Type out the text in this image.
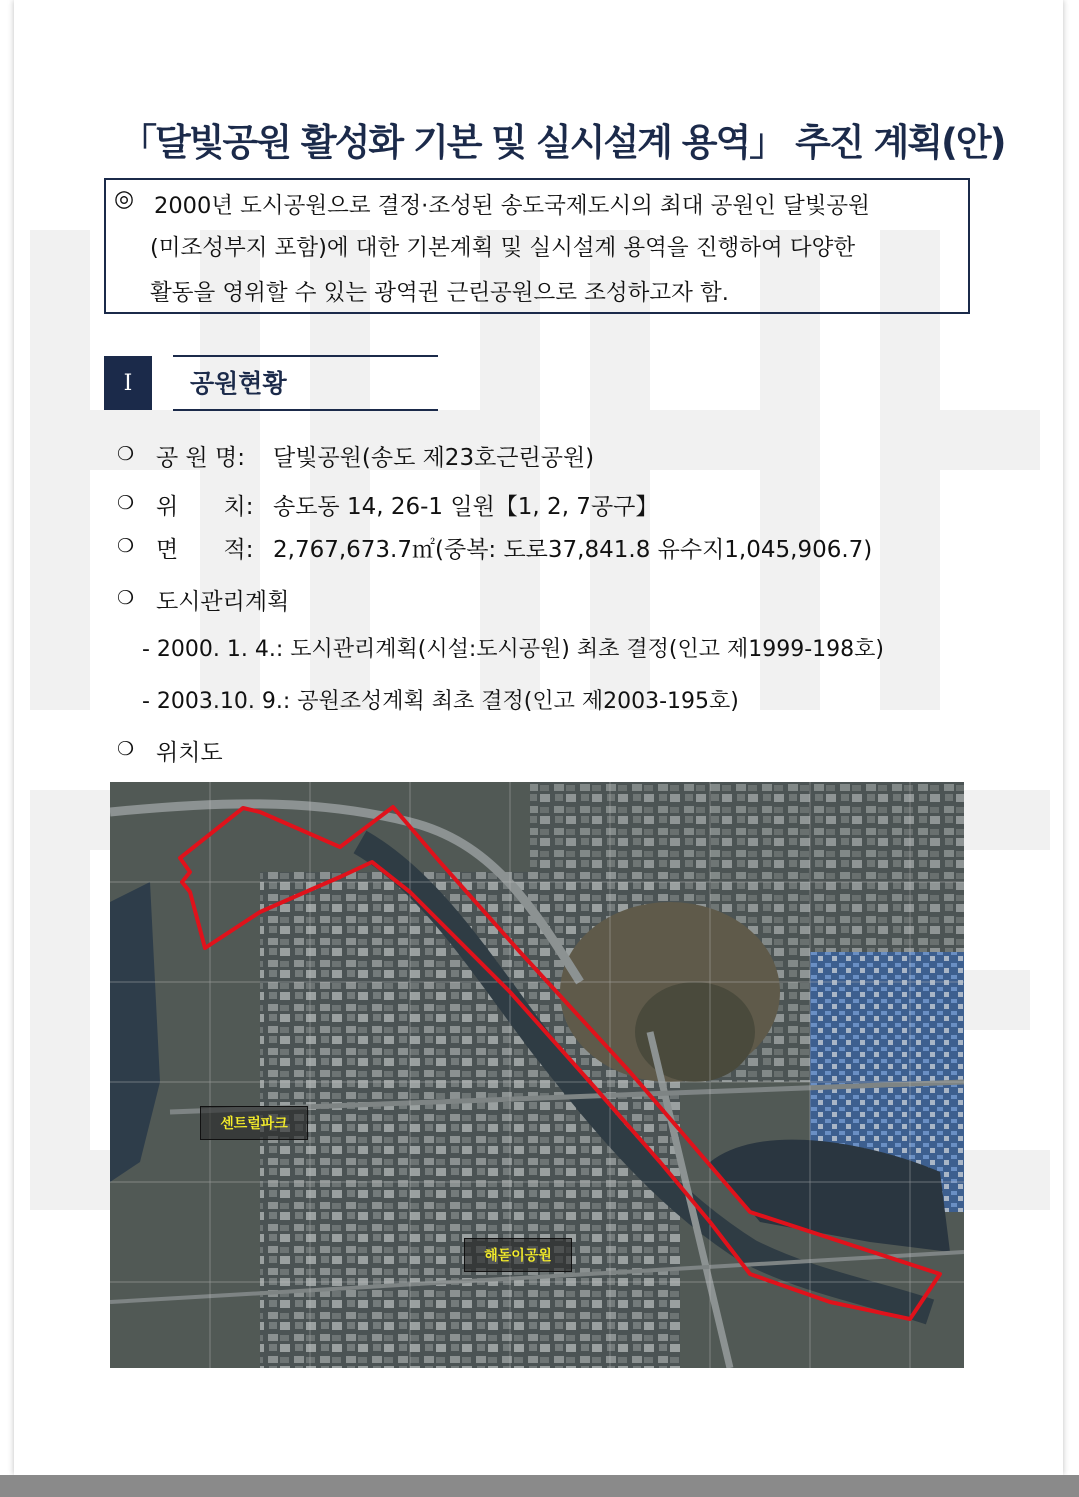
「달빛공원 활성화 기본 및 실시설계 용역」 추진 계획(안)
◎ 2000년 도시공원으로 결정·조성된 송도국제도시의 최대 공원인 달빛공원
(미조성부지 포함)에 대한 기본계획 및 실시설계 용역을 진행하여 다양한
활동을 영위할 수 있는 광역권 근린공원으로 조성하고자 함.
Ⅰ	공원현황
❍ 공 원 명: 달빛공원(송도 제23호근린공원)
❍ 위 치: 송도동 14, 26-1 일원【1, 2, 7공구】
❍ 면 적: 2,767,673.7㎡(중복: 도로37,841.8 유수지1,045,906.7)
❍ 도시관리계획
- 2000. 1. 4.: 도시관리계획(시설:도시공원) 최초 결정(인고 제1999-198호)
- 2003.10. 9.: 공원조성계획 최초 결정(인고 제2003-195호)
❍ 위치도
센트럴파크
해돋이공원
